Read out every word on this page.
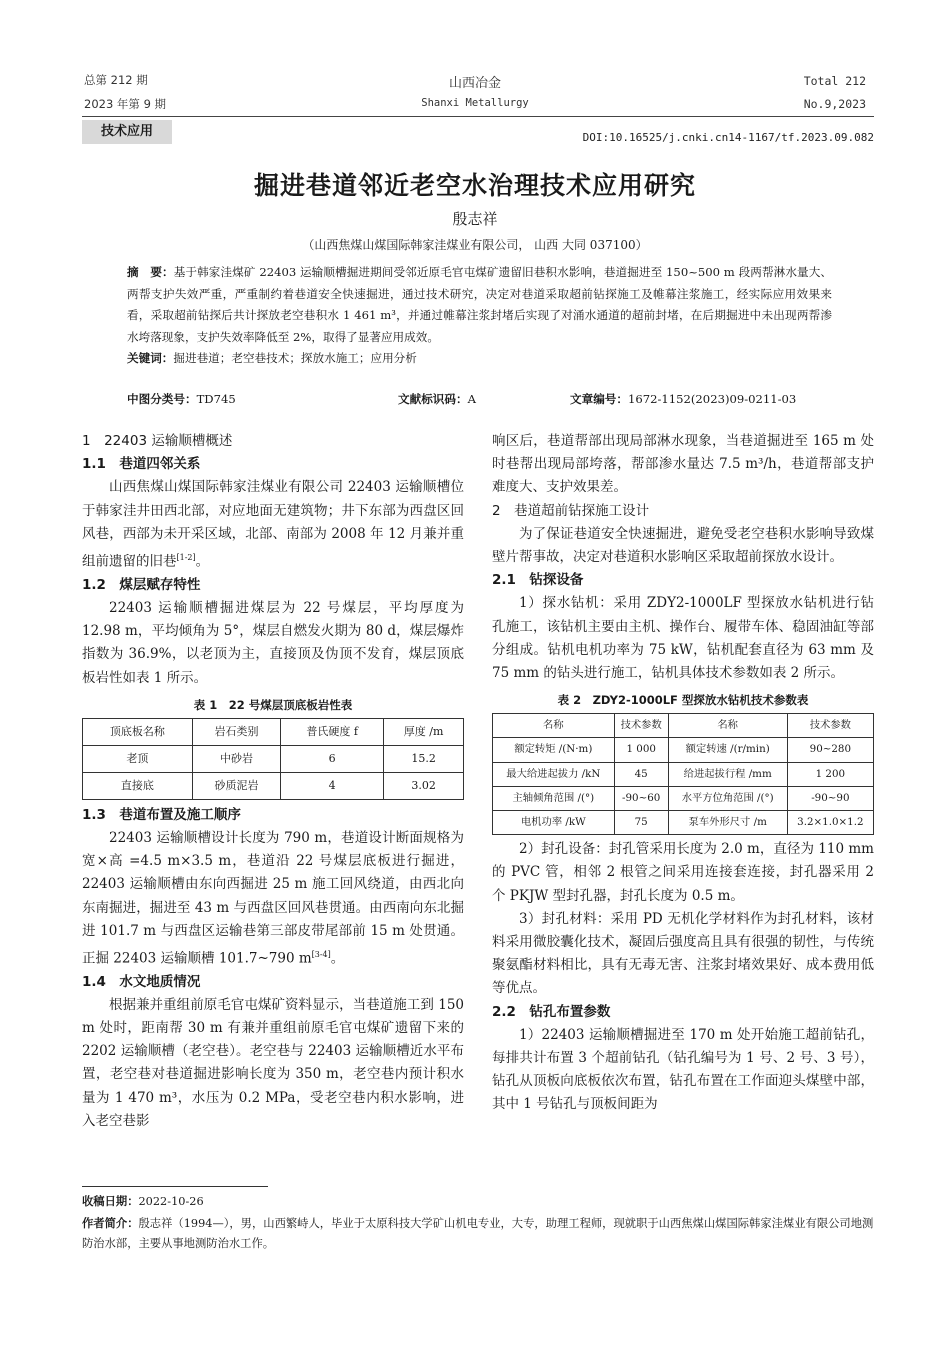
总第 212 期
2023 年第 9 期
山西冶金
Shanxi Metallurgy
Total 212
No.9,2023
技术应用	DOI:10.16525/j.cnki.cn14-1167/tf.2023.09.082
掘进巷道邻近老空水治理技术应用研究
殷志祥
（山西焦煤山煤国际韩家洼煤业有限公司， 山西 大同 037100）
摘　要：基于韩家洼煤矿 22403 运输顺槽掘进期间受邻近原毛官屯煤矿遗留旧巷积水影响，巷道掘进至 150~500 m 段两帮淋水量大、两帮支护失效严重，严重制约着巷道安全快速掘进，通过技术研究，决定对巷道采取超前钻探施工及帷幕注浆施工，经实际应用效果来看，采取超前钻探后共计探放老空巷积水 1 461 m³，并通过帷幕注浆封堵后实现了对涌水通道的超前封堵，在后期掘进中未出现两帮渗水垮落现象，支护失效率降低至 2%，取得了显著应用成效。
关键词：掘进巷道；老空巷技术；探放水施工；应用分析
中图分类号：TD745	文献标识码：A	文章编号：1672-1152(2023)09-0211-03
1　22403 运输顺槽概述
1.1　巷道四邻关系

山西焦煤山煤国际韩家洼煤业有限公司 22403 运输顺槽位于韩家洼井田西北部，对应地面无建筑物；井下东部为西盘区回风巷，西部为未开采区域，北部、南部为 2008 年 12 月兼并重组前遗留的旧巷[1-2]。

1.2　煤层赋存特性

22403 运输顺槽掘进煤层为 22 号煤层，平均厚度为 12.98 m，平均倾角为 5°，煤层自燃发火期为 80 d，煤层爆炸指数为 36.9%，以老顶为主，直接顶及伪顶不发育，煤层顶底板岩性如表 1 所示。

表 1　22 号煤层顶底板岩性表
顶底板名称	岩石类别	普氏硬度 f	厚度 /m
老顶	中砂岩	6	15.2
直接底	砂质泥岩	4	3.02
1.3　巷道布置及施工顺序

22403 运输顺槽设计长度为 790 m，巷道设计断面规格为宽×高 =4.5 m×3.5 m，巷道沿 22 号煤层底板进行掘进，22403 运输顺槽由东向西掘进 25 m 施工回风绕道，由西北向东南掘进，掘进至 43 m 与西盘区回风巷贯通。由西南向东北掘进 101.7 m 与西盘区运输巷第三部皮带尾部前 15 m 处贯通。正掘 22403 运输顺槽 101.7~790 m[3-4]。

1.4　水文地质情况

根据兼并重组前原毛官屯煤矿资料显示，当巷道施工到 150 m 处时，距南帮 30 m 有兼并重组前原毛官屯煤矿遗留下来的 2202 运输顺槽（老空巷）。老空巷与 22403 运输顺槽近水平布置，老空巷对巷道掘进影响长度为 350 m，老空巷内预计积水量为 1 470 m³，水压为 0.2 MPa，受老空巷内积水影响，进入老空巷影

响区后，巷道帮部出现局部淋水现象，当巷道掘进至 165 m 处时巷帮出现局部垮落，帮部渗水量达 7.5 m³/h，巷道帮部支护难度大、支护效果差。

2　巷道超前钻探施工设计

为了保证巷道安全快速掘进，避免受老空巷积水影响导致煤壁片帮事故，决定对巷道积水影响区采取超前探放水设计。

2.1　钻探设备

1）探水钻机：采用 ZDY2-1000LF 型探放水钻机进行钻孔施工，该钻机主要由主机、操作台、履带车体、稳固油缸等部分组成。钻机电机功率为 75 kW，钻机配套直径为 63 mm 及 75 mm 的钻头进行施工，钻机具体技术参数如表 2 所示。

表 2　ZDY2-1000LF 型探放水钻机技术参数表
名称	技术参数	名称	技术参数
额定转矩 /(N·m)	1 000	额定转速 /(r/min)	90~280
最大给进起拔力 /kN	45	给进起拔行程 /mm	1 200
主轴倾角范围 /(°)	-90~60	水平方位角范围 /(°)	-90~90
电机功率 /kW	75	泵车外形尺寸 /m	3.2×1.0×1.2

2）封孔设备：封孔管采用长度为 2.0 m，直径为 110 mm 的 PVC 管，相邻 2 根管之间采用连接套连接，封孔器采用 2 个 PKJW 型封孔器，封孔长度为 0.5 m。

3）封孔材料：采用 PD 无机化学材料作为封孔材料，该材料采用微胶囊化技术，凝固后强度高且具有很强的韧性，与传统聚氨酯材料相比，具有无毒无害、注浆封堵效果好、成本费用低等优点。

2.2　钻孔布置参数

1）22403 运输顺槽掘进至 170 m 处开始施工超前钻孔，每排共计布置 3 个超前钻孔（钻孔编号为 1 号、2 号、3 号），钻孔从顶板向底板依次布置，钻孔布置在工作面迎头煤壁中部，其中 1 号钻孔与顶板间距为

收稿日期：2022-10-26
作者简介：殷志祥（1994—），男，山西繁峙人，毕业于太原科技大学矿山机电专业，大专，助理工程师，现就职于山西焦煤山煤国际韩家洼煤业有限公司地测防治水部，主要从事地测防治水工作。
